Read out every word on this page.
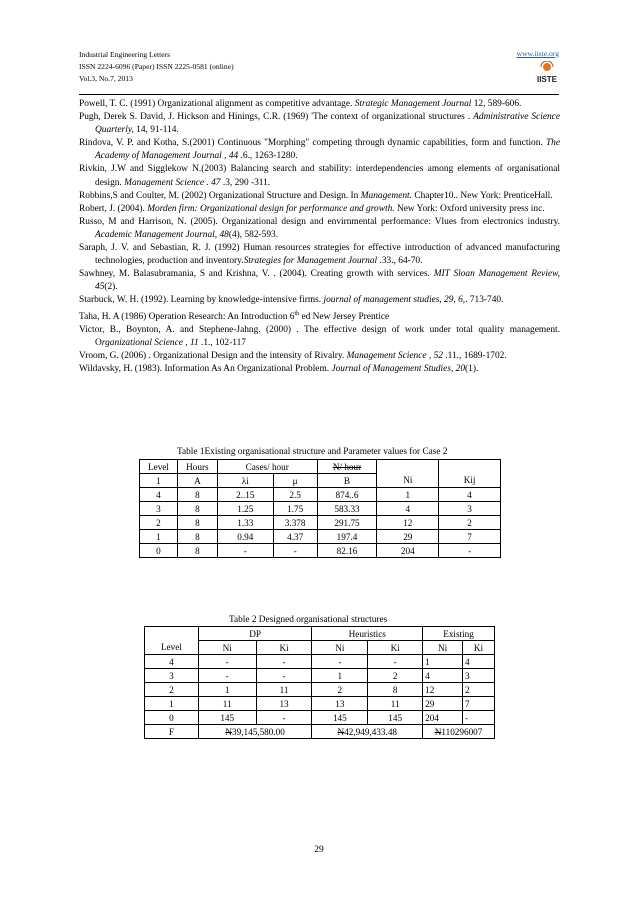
Industrial Engineering Letters
ISSN 2224-6096 (Paper) ISSN 2225-0581 (online)
Vol.3, No.7, 2013
www.iiste.org
IISTE

Powell, T. C. (1991) Organizational alignment as competitive advantage. Strategic Management Journal 12, 589-606.

Pugh, Derek S. David, J. Hickson and Hinings, C.R. (1969) 'The context of organizational structures . Administrative Science Quarterly, 14, 91-114.

Rindova, V. P. and Kotha, S.(2001) Continuous "Morphing" competing through dynamic capabilities, form and function. The Academy of Management Journal , 44 .6., 1263-1280.

Rivkin, J.W and Sigglekow N.(2003) Balancing search and stability: interdependencies among elements of organisational design. Management Science . 47 .3, 290 -311.

Robbins,S and Coulter, M. (2002) Organizational Structure and Design. In Management. Chapter10.. New York: PrenticeHall.

Robert, J. (2004). Morden firm: Organizational design for performance and growth. New York: Oxford university press inc.

Russo, M and Harrison, N. (2005). Organizational design and envirnmental performance: Vlues from electronics industry. Academic Management Journal, 48(4), 582-593.

Saraph, J. V. and Sebastian, R. J. (1992) Human resources strategies for effective introduction of advanced manufacturing technologies, production and inventory.Strategies for Management Journal .33., 64-70.

Sawhney, M. Balasubramania, S and Krishna, V. . (2004). Creating growth with services. MIT Sloan Management Review, 45(2).

Starbuck, W. H. (1992). Learning by knowledge-intensive firms. journal of management studies, 29, 6,. 713-740.

Taha, H. A (1986) Operation Research: An Introduction 6th ed New Jersey Prentice

Victor, B., Boynton, A. and Stephene-Jahng. (2000) . The effective design of work under total quality management. Organizational Science , 11 .1., 102-117

Vroom, G. (2006) . Organizational Design and the intensity of Rivalry. Management Science , 52 .11., 1689-1702.

Wildavsky, H. (1983). Information As An Organizational Problem. Journal of Management Studies, 20(1).

Table 1Existing organisational structure and Parameter values for Case 2
Level	Hours	Cases/ hour		N/ hour		
1	A	λi	μ	B	Ni	Kij
4	8	2..15	2.5	874..6	1	4
3	8	1.25	1.75	583.33	4	3
2	8	1.33	3.378	291.75	12	2
1	8	0.94	4.37	197.4	29	7
0	8	-	-	82.16	204	-
Table 2 Designed organisational structures
	DP		Heuristics		Existing	
Level	Ni	Ki	Ni	Ki	Ni	Ki
4	-	-	-	-	1	4
3	-	-	1	2	4	3
2	1	11	2	8	12	2
1	11	13	13	11	29	7
0	145	-	145	145	204	-
F	N39,145,580.00		N42,949,433.48		N110296007	
29
